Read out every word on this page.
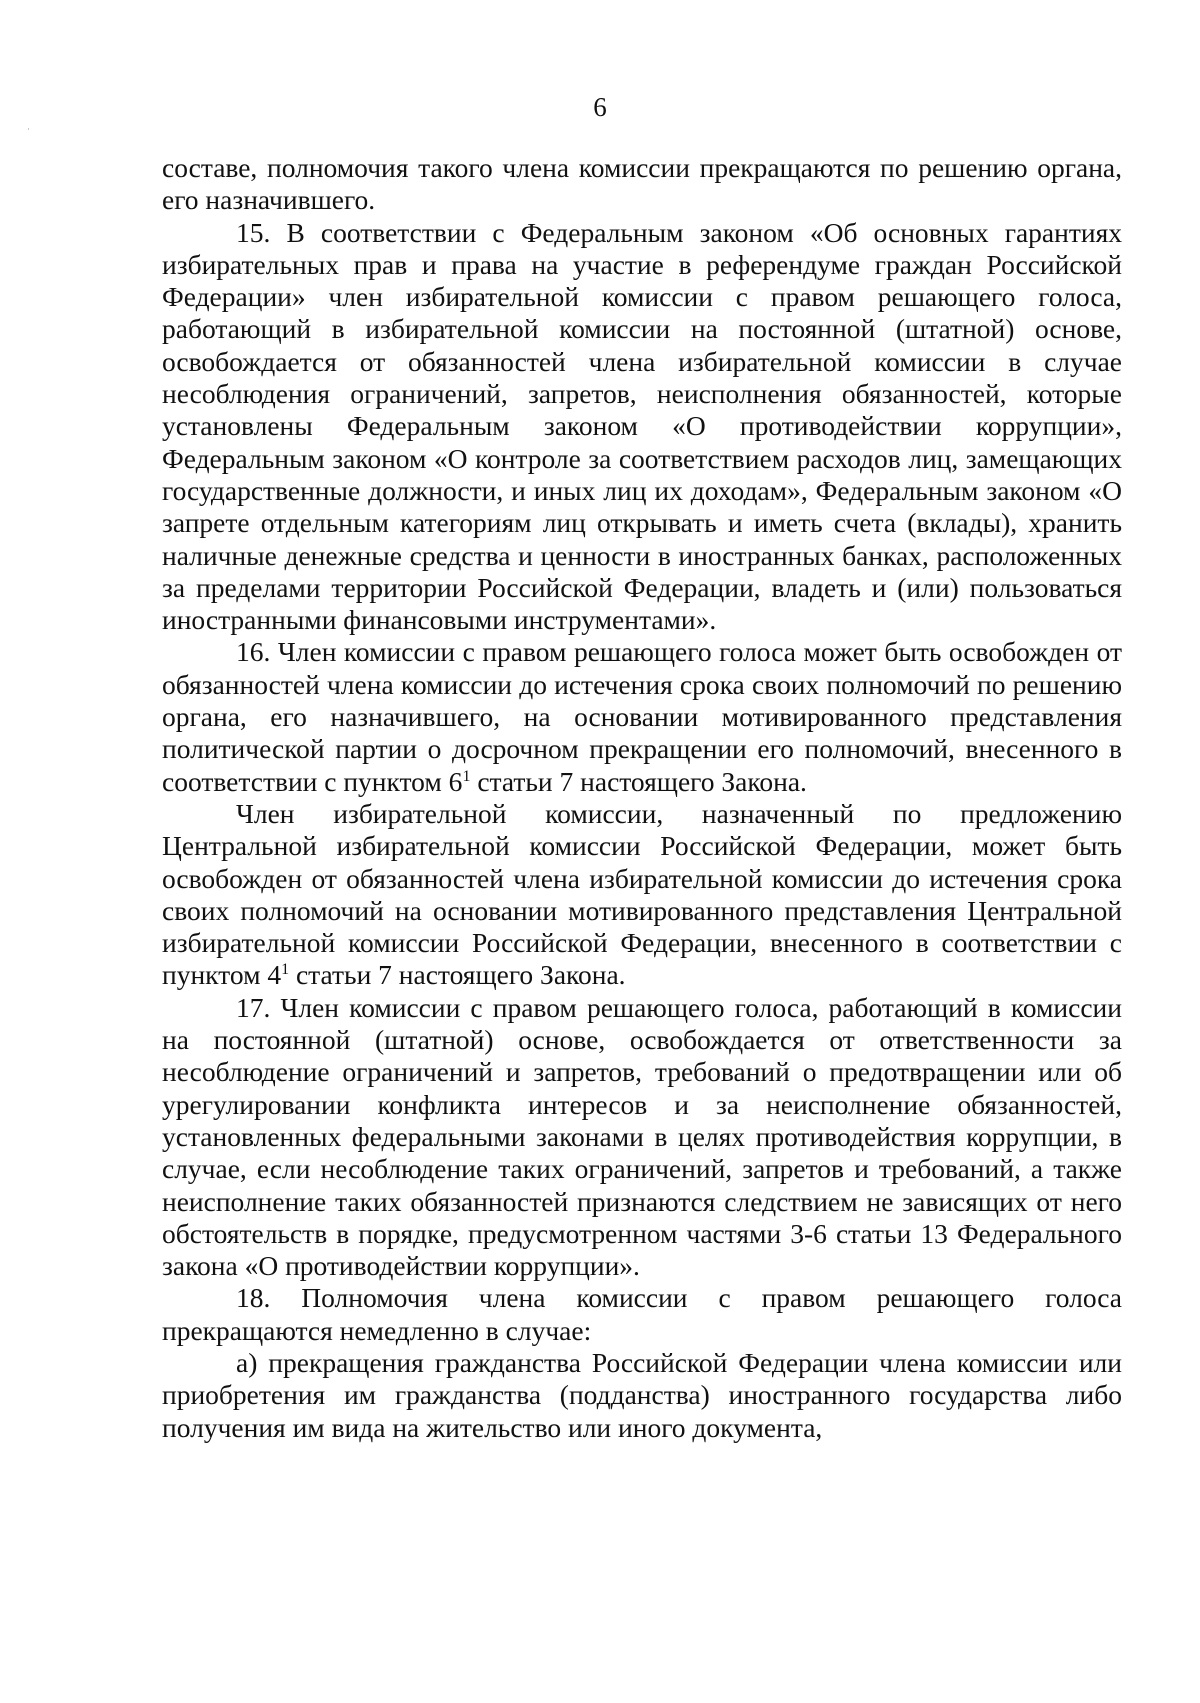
6

составе, полномочия такого члена комиссии прекращаются по решению органа, его назначившего.

15. В соответствии с Федеральным законом «Об основных гарантиях избирательных прав и права на участие в референдуме граждан Российской Федерации» член избирательной комиссии с правом решающего голоса, работающий в избирательной комиссии на постоянной (штатной) основе, освобождается от обязанностей члена избирательной комиссии в случае несоблюдения ограничений, запретов, неисполнения обязанностей, которые установлены Федеральным законом «О противодействии коррупции», Федеральным законом «О контроле за соответствием расходов лиц, замещающих государственные должности, и иных лиц их доходам», Федеральным законом «О запрете отдельным категориям лиц открывать и иметь счета (вклады), хранить наличные денежные средства и ценности в иностранных банках, расположенных за пределами территории Российской Федерации, владеть и (или) пользоваться иностранными финансовыми инструментами».

16. Член комиссии с правом решающего голоса может быть освобожден от обязанностей члена комиссии до истечения срока своих полномочий по решению органа, его назначившего, на основании мотивированного представления политической партии о досрочном прекращении его полномочий, внесенного в соответствии с пунктом $6^1$ статьи 7 настоящего Закона.

Член избирательной комиссии, назначенный по предложению Центральной избирательной комиссии Российской Федерации, может быть освобожден от обязанностей члена избирательной комиссии до истечения срока своих полномочий на основании мотивированного представления Центральной избирательной комиссии Российской Федерации, внесенного в соответствии с пунктом $4^1$ статьи 7 настоящего Закона.

17. Член комиссии с правом решающего голоса, работающий в комиссии на постоянной (штатной) основе, освобождается от ответственности за несоблюдение ограничений и запретов, требований о предотвращении или об урегулировании конфликта интересов и за неисполнение обязанностей, установленных федеральными законами в целях противодействия коррупции, в случае, если несоблюдение таких ограничений, запретов и требований, а также неисполнение таких обязанностей признаются следствием не зависящих от него обстоятельств в порядке, предусмотренном частями 3-6 статьи 13 Федерального закона «О противодействии коррупции».

18. Полномочия члена комиссии с правом решающего голоса прекращаются немедленно в случае:

а) прекращения гражданства Российской Федерации члена комиссии или приобретения им гражданства (подданства) иностранного государства либо получения им вида на жительство или иного документа,
